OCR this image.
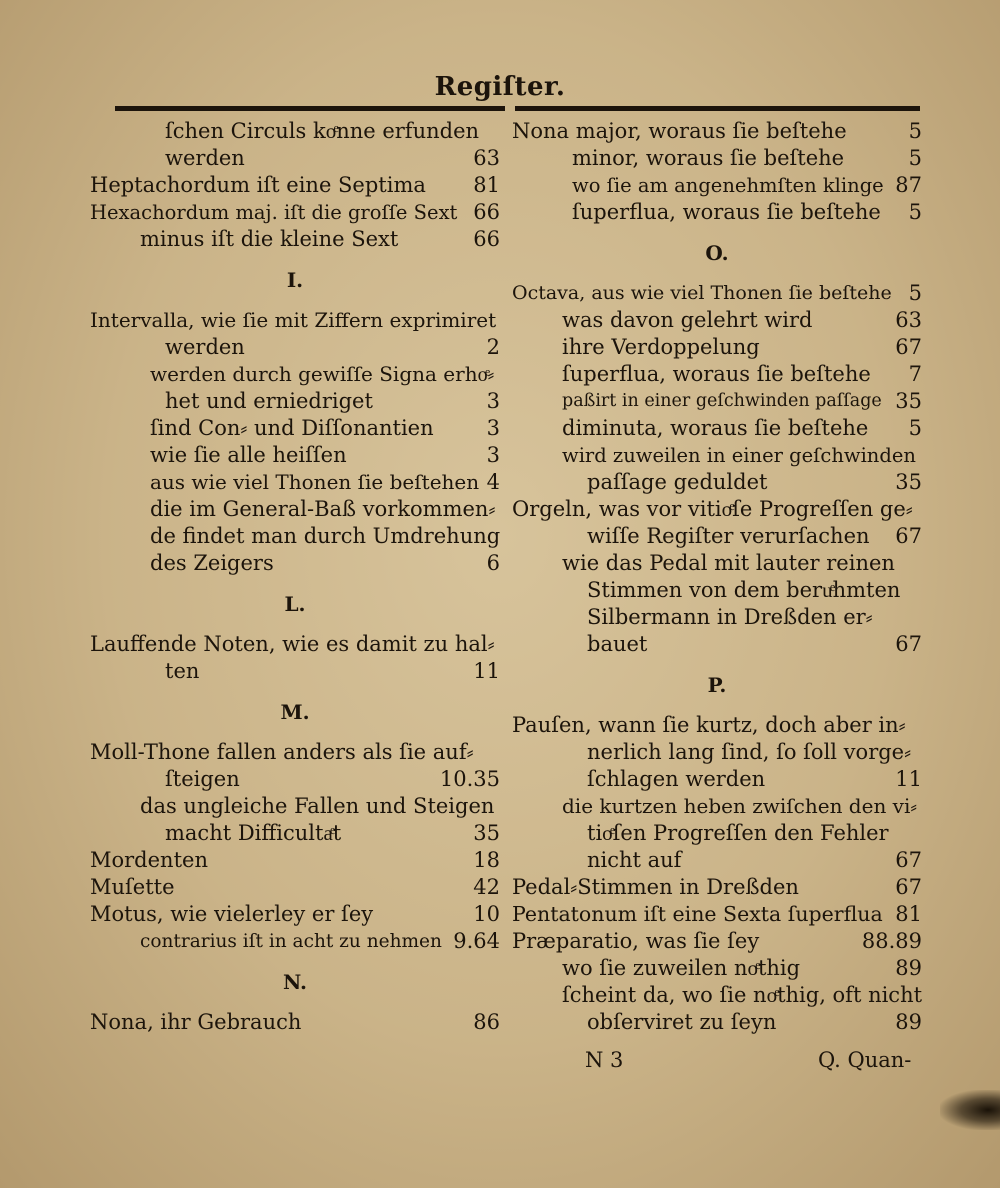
Regiſter.
ſchen Circuls koͤnne erfunden
werden	63
Heptachordum iſt eine Septima 81
Hexachordum maj. iſt die groſſe Sext 66
minus iſt die kleine Sext	66
I.
Intervalla, wie ſie mit Ziffern exprimiret
werden	2
werden durch gewiſſe Signa erhoͤ⸗
het und erniedriget	3
ſind Con⸗ und Diſſonantien	3
wie ſie alle heiſſen	3
aus wie viel Thonen ſie beſtehen 4
die im General-Baß vorkommen⸗
de findet man durch Umdrehung
des Zeigers	6
L.
Lauffende Noten, wie es damit zu hal⸗
ten	11
M.
Moll-Thone fallen anders als ſie auf⸗
ſteigen	10.35
das ungleiche Fallen und Steigen
macht Difficultaͤt	35
Mordenten	18
Muſette	42
Motus, wie vielerley er ſey	10
contrarius iſt in acht zu nehmen 9.64
N.
Nona, ihr Gebrauch	86
Nona major, woraus ſie beſtehe	5
minor, woraus ſie beſtehe	5
wo ſie am angenehmſten klinge 87
ſuperflua, woraus ſie beſtehe 5
O.
Octava, aus wie viel Thonen ſie beſtehe 5
was davon gelehrt wird	63
ihre Verdoppelung	67
ſuperflua, woraus ſie beſtehe 7
paßirt in einer geſchwinden paſſage 35
diminuta, woraus ſie beſtehe 5
wird zuweilen in einer geſchwinden
paſſage geduldet	35
Orgeln, was vor vitioͤſe Progreſſen ge⸗
wiſſe Regiſter verurſachen 67
wie das Pedal mit lauter reinen
Stimmen von dem beruͤhmten
Silbermann in Dreßden er⸗
bauet	67
P.
Pauſen, wann ſie kurtz, doch aber in⸗
nerlich lang ſind, ſo ſoll vorge⸗
ſchlagen werden	11
die kurtzen heben zwiſchen den vi⸗
tioͤſen Progreſſen den Fehler
nicht auf	67
Pedal⸗Stimmen in Dreßden	67
Pentatonum iſt eine Sexta ſuperflua 81
Præparatio, was ſie ſey	88.89
wo ſie zuweilen noͤthig	89
ſcheint da, wo ſie noͤthig, oft nicht
obſerviret zu ſeyn	89
N 3	Q. Quan-
